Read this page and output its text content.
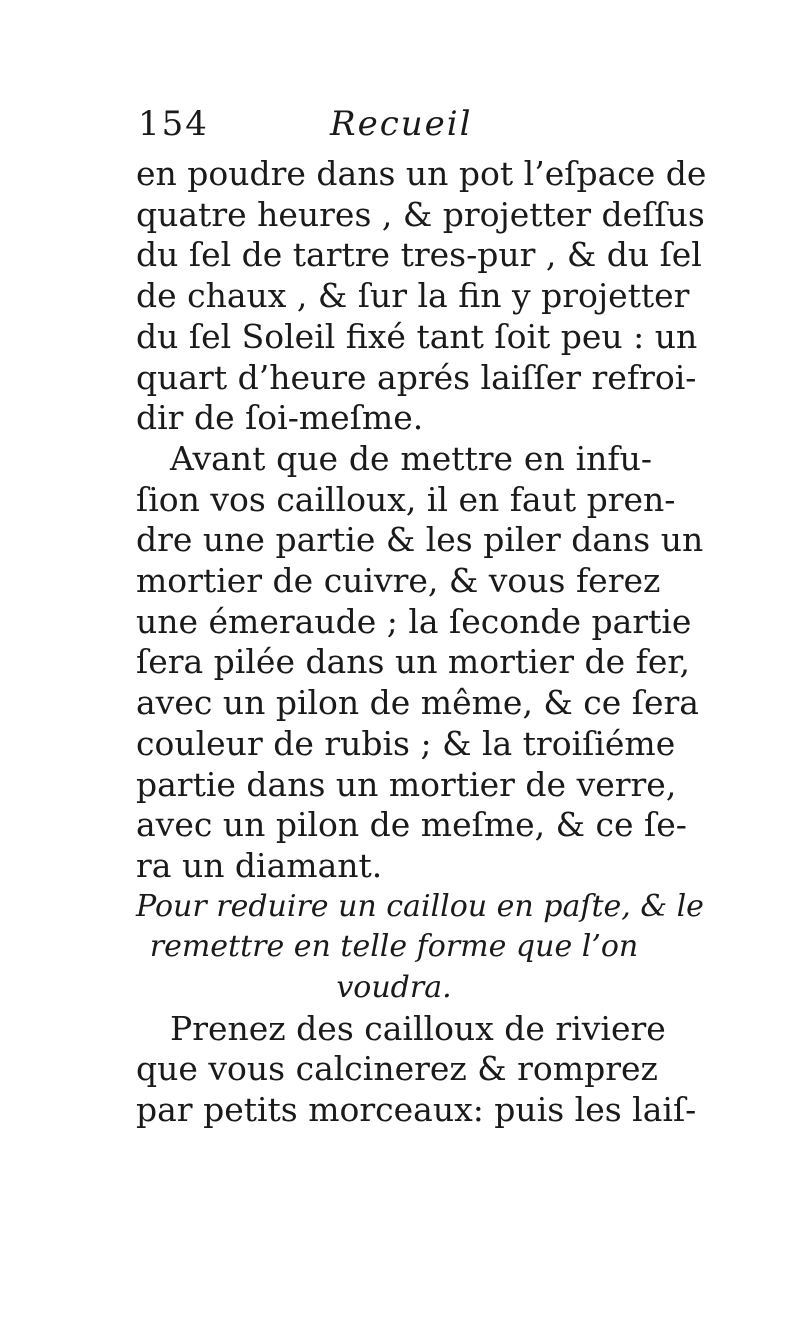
154	Recueil
en poudre dans un pot l’eſpace de
quatre heures , & projetter deſſus
du ſel de tartre tres-pur , & du ſel
de chaux , & ſur la fin y projetter
du ſel Soleil fixé tant ſoit peu : un
quart d’heure aprés laiſſer refroi-
dir de ſoi-meſme.
Avant que de mettre en infu-
ſion vos cailloux, il en faut pren-
dre une partie & les piler dans un
mortier de cuivre, & vous ferez
une émeraude ; la ſeconde partie
ſera pilée dans un mortier de fer,
avec un pilon de même, & ce ſera
couleur de rubis ; & la troiſiéme
partie dans un mortier de verre,
avec un pilon de meſme, & ce ſe-
ra un diamant.
Pour reduire un caillou en paſte, & le
remettre en telle forme que l’on
voudra.
Prenez des cailloux de riviere
que vous calcinerez & romprez
par petits morceaux: puis les laiſ-
